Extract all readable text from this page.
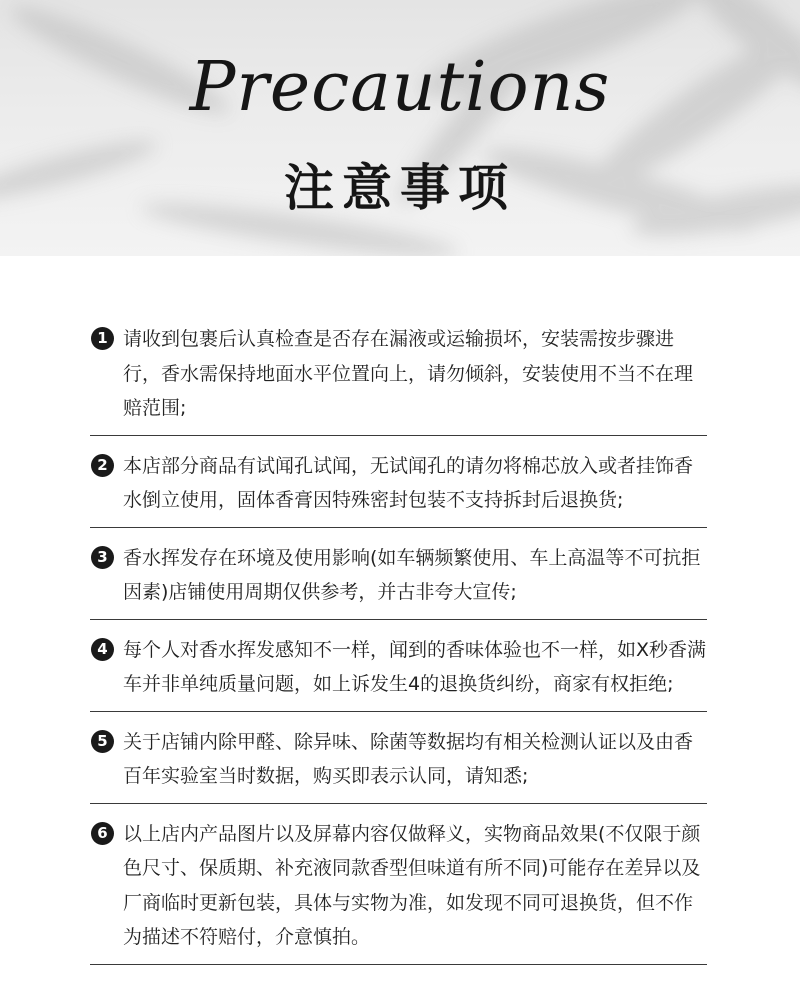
Precautions
注意事项
1 请收到包裹后认真检查是否存在漏液或运输损坏，安装需按步骤进行，香水需保持地面水平位置向上，请勿倾斜，安装使用不当不在理赔范围;
2 本店部分商品有试闻孔试闻，无试闻孔的请勿将棉芯放入或者挂饰香水倒立使用，固体香膏因特殊密封包装不支持拆封后退换货;
3 香水挥发存在环境及使用影响(如车辆频繁使用、车上高温等不可抗拒因素)店铺使用周期仅供参考，并古非夸大宣传;
4 每个人对香水挥发感知不一样，闻到的香味体验也不一样，如X秒香满车并非单纯质量问题，如上诉发生4的退换货纠纷，商家有权拒绝;
5 关于店铺内除甲醛、除异味、除菌等数据均有相关检测认证以及由香百年实验室当时数据，购买即表示认同，请知悉;
6 以上店内产品图片以及屏幕内容仅做释义，实物商品效果(不仅限于颜色尺寸、保质期、补充液同款香型但味道有所不同)可能存在差异以及厂商临时更新包装，具体与实物为准，如发现不同可退换货，但不作为描述不符赔付，介意慎拍。
